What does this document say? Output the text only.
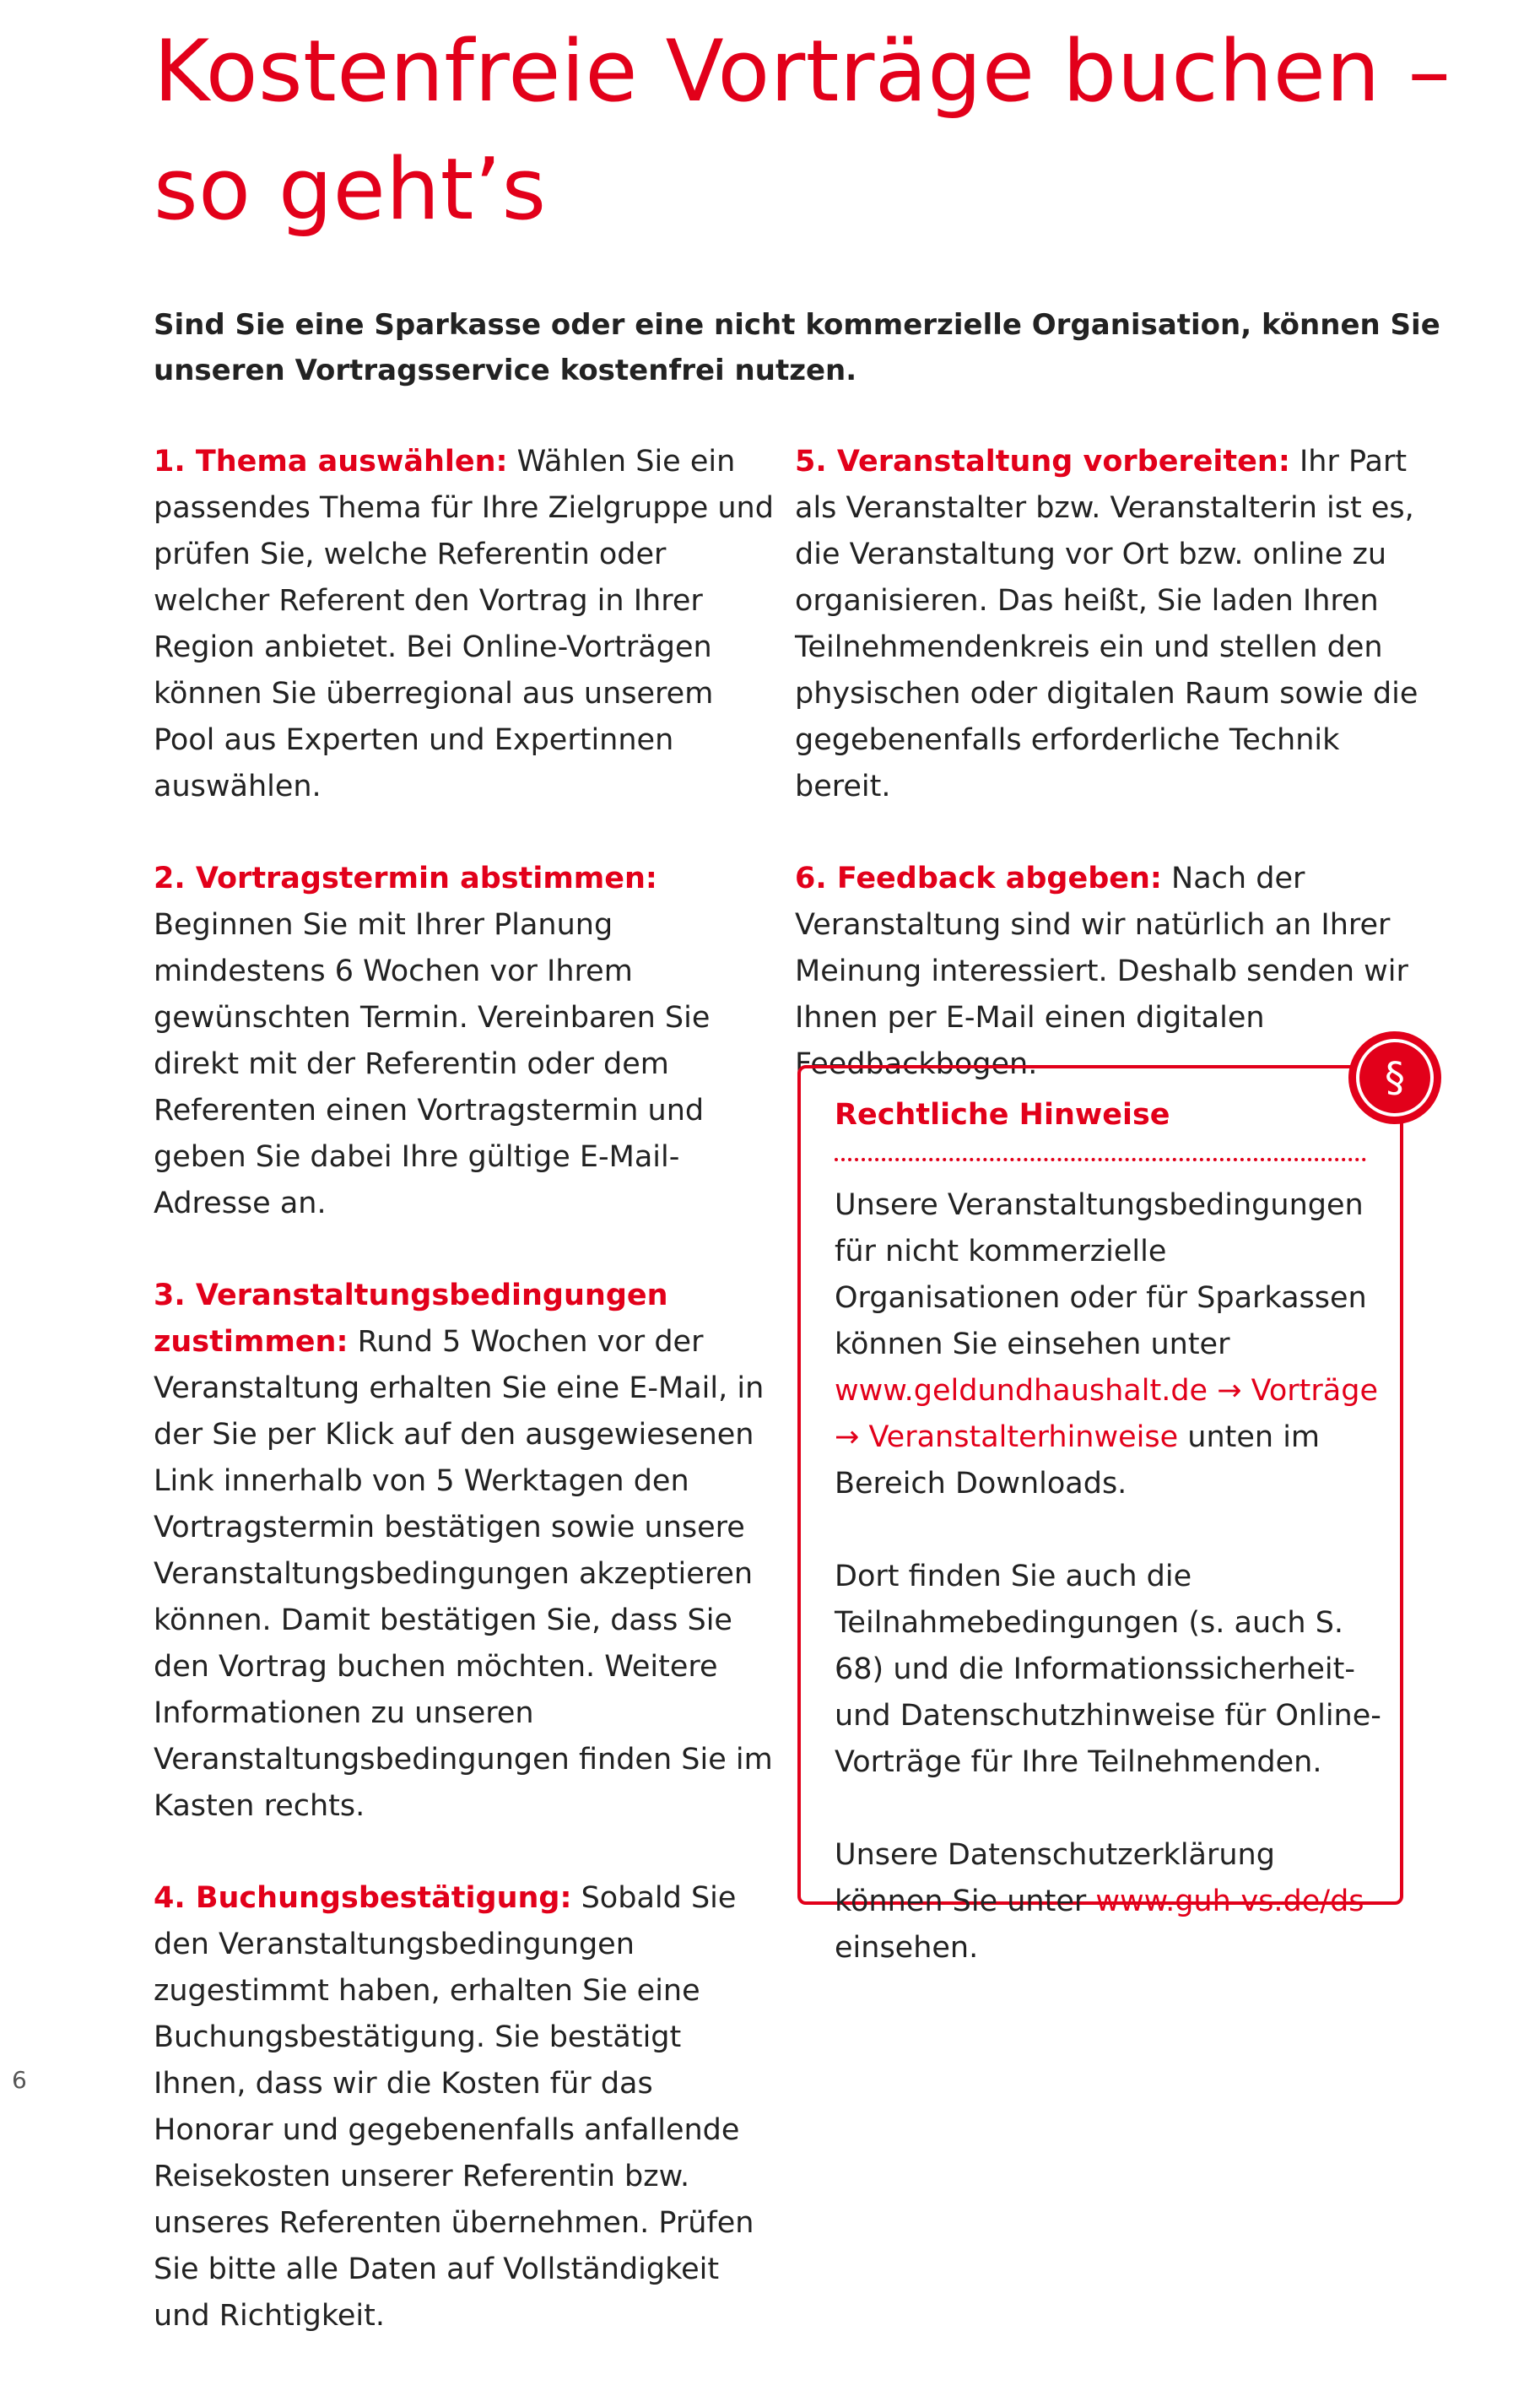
Kostenfreie Vorträge buchen –
so geht’s

Sind Sie eine Sparkasse oder eine nicht kommerzielle Organisation, können Sie unseren Vortragsservice kostenfrei nutzen.

1. Thema auswählen: Wählen Sie ein passendes Thema für Ihre Zielgruppe und prüfen Sie, welche Referentin oder welcher Referent den Vortrag in Ihrer Region anbietet. Bei Online-Vorträgen können Sie überregional aus unserem Pool aus Experten und Expertinnen auswählen.

2. Vortragstermin abstimmen: Beginnen Sie mit Ihrer Planung mindestens 6 Wochen vor Ihrem gewünschten Termin. Vereinbaren Sie direkt mit der Referentin oder dem Referenten einen Vortragstermin und geben Sie dabei Ihre gültige E-Mail-Adresse an.

3. Veranstaltungsbedingungen zustimmen: Rund 5 Wochen vor der Veranstaltung erhalten Sie eine E-Mail, in der Sie per Klick auf den ausgewiesenen Link innerhalb von 5 Werktagen den Vortragstermin bestätigen sowie unsere Veranstaltungsbedingungen akzeptieren können. Damit bestätigen Sie, dass Sie den Vortrag buchen möchten. Weitere Informationen zu unseren Veranstaltungsbedingungen finden Sie im Kasten rechts.

4. Buchungsbestätigung: Sobald Sie den Veranstaltungsbedingungen zugestimmt haben, erhalten Sie eine Buchungsbestätigung. Sie bestätigt Ihnen, dass wir die Kosten für das Honorar und gegebenenfalls anfallende Reisekosten unserer Referentin bzw. unseres Referenten übernehmen. Prüfen Sie bitte alle Daten auf Vollständigkeit und Richtigkeit.

5. Veranstaltung vorbereiten: Ihr Part als Veranstalter bzw. Veranstalterin ist es, die Veranstaltung vor Ort bzw. online zu organisieren. Das heißt, Sie laden Ihren Teilnehmendenkreis ein und stellen den physischen oder digitalen Raum sowie die gegebenenfalls erforderliche Technik bereit.

6. Feedback abgeben: Nach der Veranstaltung sind wir natürlich an Ihrer Meinung interessiert. Deshalb senden wir Ihnen per E-Mail einen digitalen Feedbackbogen.

Rechtliche Hinweise

Unsere Veranstaltungsbedingungen für nicht kommerzielle Organisationen oder für Sparkassen können Sie einsehen unter www.geldundhaushalt.de → Vorträge → Veranstalterhinweise unten im Bereich Downloads.

Dort finden Sie auch die Teilnahmebedingungen (s. auch S. 68) und die Informationssicherheit- und Datenschutzhinweise für Online-Vorträge für Ihre Teilnehmenden.

Unsere Datenschutzerklärung können Sie unter www.guh-vs.de/ds einsehen.

§
6
